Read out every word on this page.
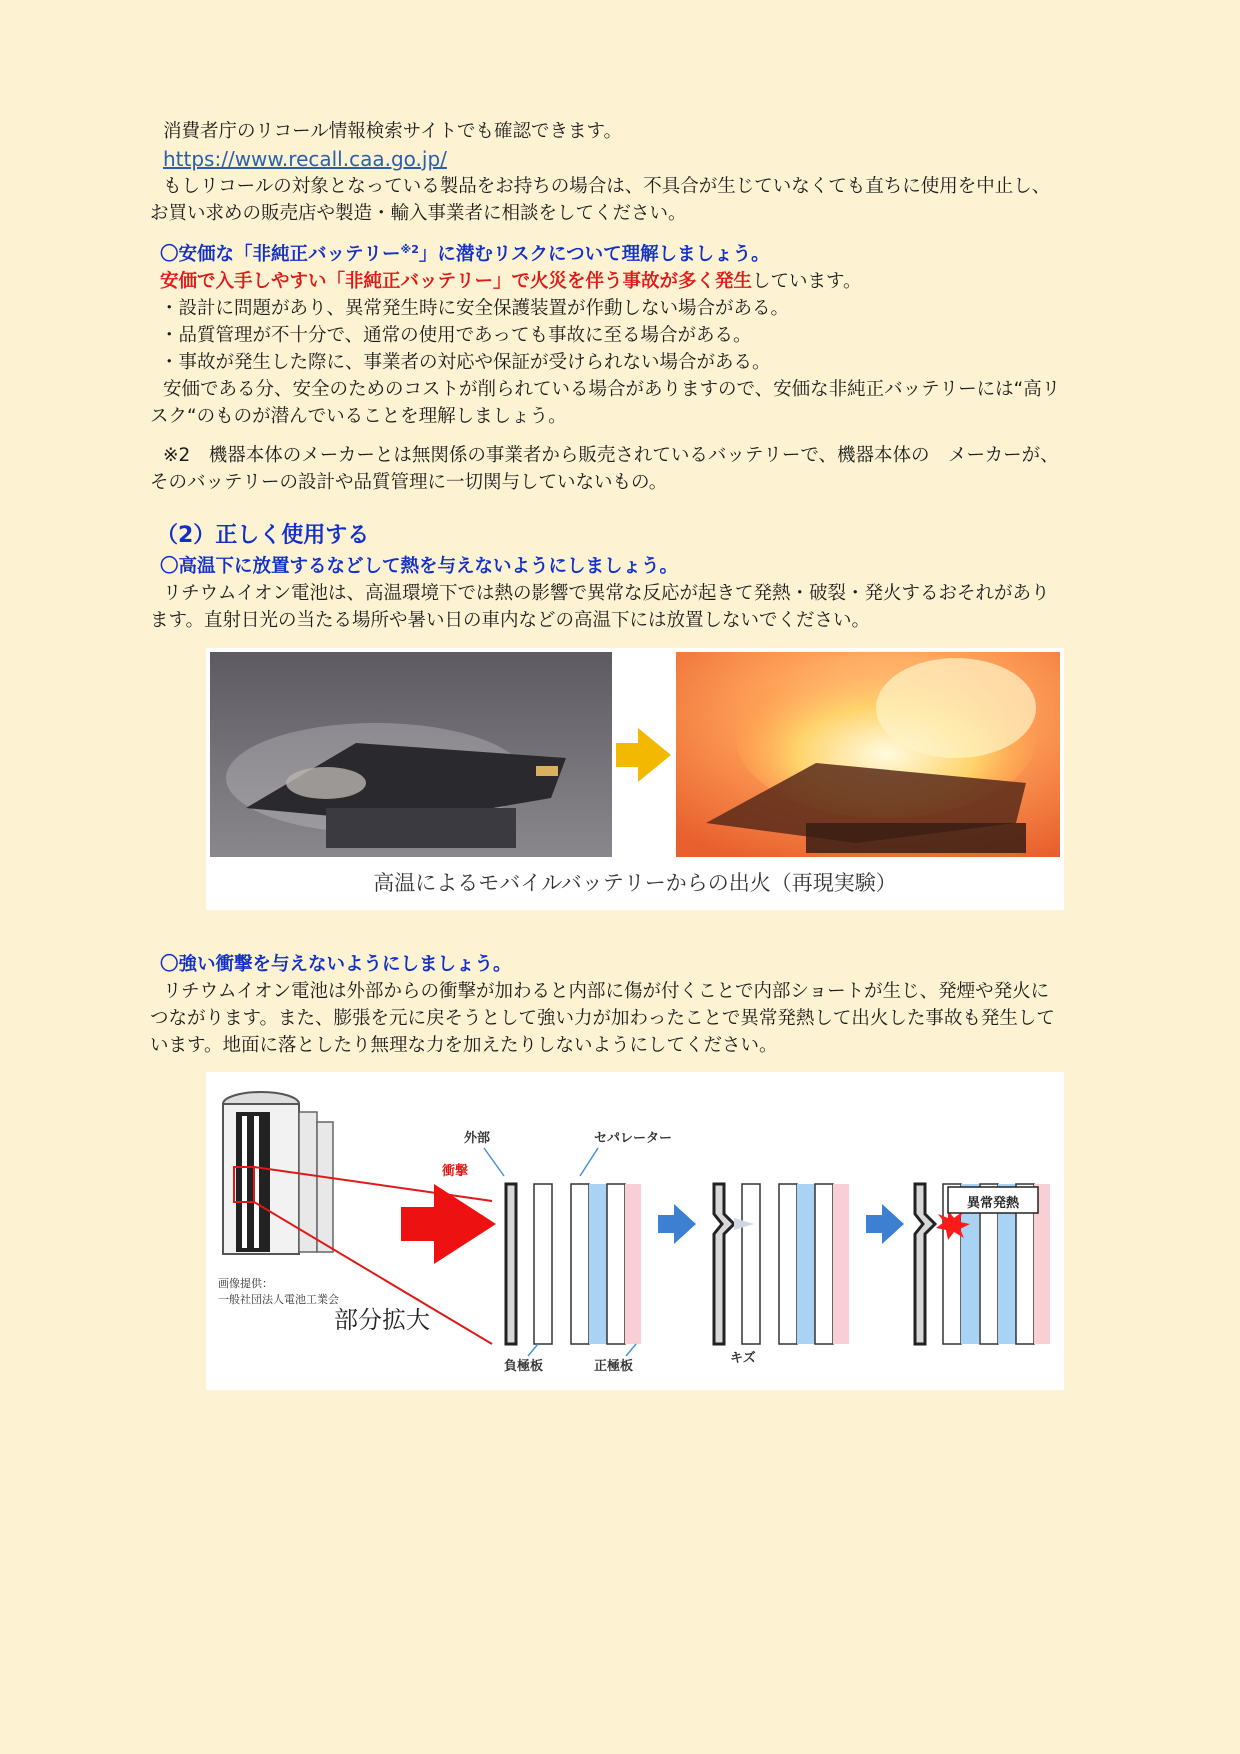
消費者庁のリコール情報検索サイトでも確認できます。
https://www.recall.caa.go.jp/
もしリコールの対象となっている製品をお持ちの場合は、不具合が生じていなくても直ちに使用を中止し、
お買い求めの販売店や製造・輸入事業者に相談をしてください。
〇安価な「非純正バッテリー$^{※2}$」に潜むリスクについて理解しましょう。
安価で入手しやすい「非純正バッテリー」で火災を伴う事故が多く発生しています。
・設計に問題があり、異常発生時に安全保護装置が作動しない場合がある。
・品質管理が不十分で、通常の使用であっても事故に至る場合がある。
・事故が発生した際に、事業者の対応や保証が受けられない場合がある。
安価である分、安全のためのコストが削られている場合がありますので、安価な非純正バッテリーには“高リ
スク“のものが潜んでいることを理解しましょう。
※2　機器本体のメーカーとは無関係の事業者から販売されているバッテリーで、機器本体の　メーカーが、
そのバッテリーの設計や品質管理に一切関与していないもの。
（2）正しく使用する
〇高温下に放置するなどして熱を与えないようにしましょう。
リチウムイオン電池は、高温環境下では熱の影響で異常な反応が起きて発熱・破裂・発火するおそれがあり
ます。直射日光の当たる場所や暑い日の車内などの高温下には放置しないでください。
高温によるモバイルバッテリーからの出火（再現実験）
〇強い衝撃を与えないようにしましょう。
リチウムイオン電池は外部からの衝撃が加わると内部に傷が付くことで内部ショートが生じ、発煙や発火に
つながります。また、膨張を元に戻そうとして強い力が加わったことで異常発熱して出火した事故も発生して
います。地面に落としたり無理な力を加えたりしないようにしてください。
画像提供：
一般社団法人電池工業会
部分拡大
衝撃
外部	セパレーター
負極板	正極板
キズ
異常発熱
